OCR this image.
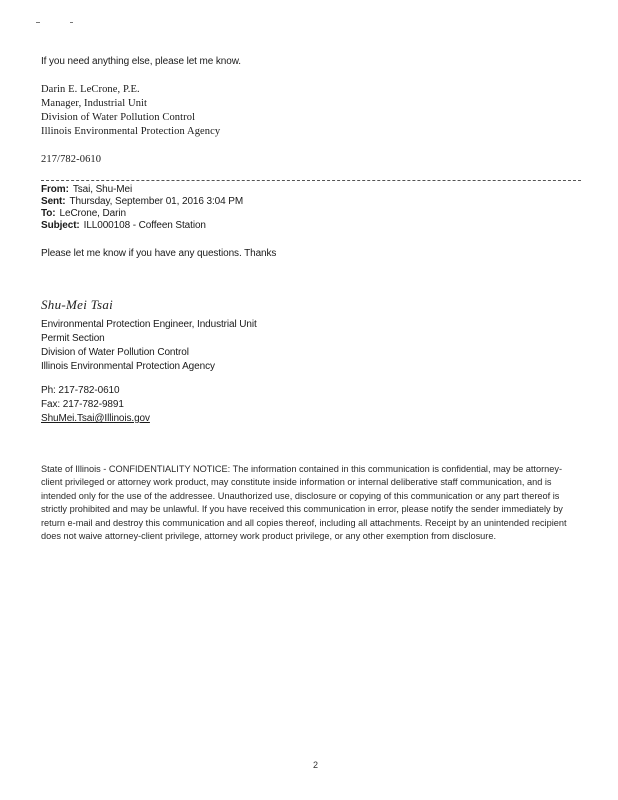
If you need anything else, please let me know.
Darin E. LeCrone, P.E.
Manager, Industrial Unit
Division of Water Pollution Control
Illinois Environmental Protection Agency
217/782-0610
From: Tsai, Shu-Mei
Sent: Thursday, September 01, 2016 3:04 PM
To: LeCrone, Darin
Subject: ILL000108 - Coffeen Station
Please let me know if you have any questions. Thanks
Shu-Mei Tsai
Environmental Protection Engineer, Industrial Unit
Permit Section
Division of Water Pollution Control
Illinois Environmental Protection Agency
Ph: 217-782-0610
Fax: 217-782-9891
ShuMei.Tsai@Illinois.gov
State of Illinois - CONFIDENTIALITY NOTICE: The information contained in this communication is confidential, may be attorney-client privileged or attorney work product, may constitute inside information or internal deliberative staff communication, and is intended only for the use of the addressee. Unauthorized use, disclosure or copying of this communication or any part thereof is strictly prohibited and may be unlawful. If you have received this communication in error, please notify the sender immediately by return e-mail and destroy this communication and all copies thereof, including all attachments. Receipt by an unintended recipient does not waive attorney-client privilege, attorney work product privilege, or any other exemption from disclosure.
2
